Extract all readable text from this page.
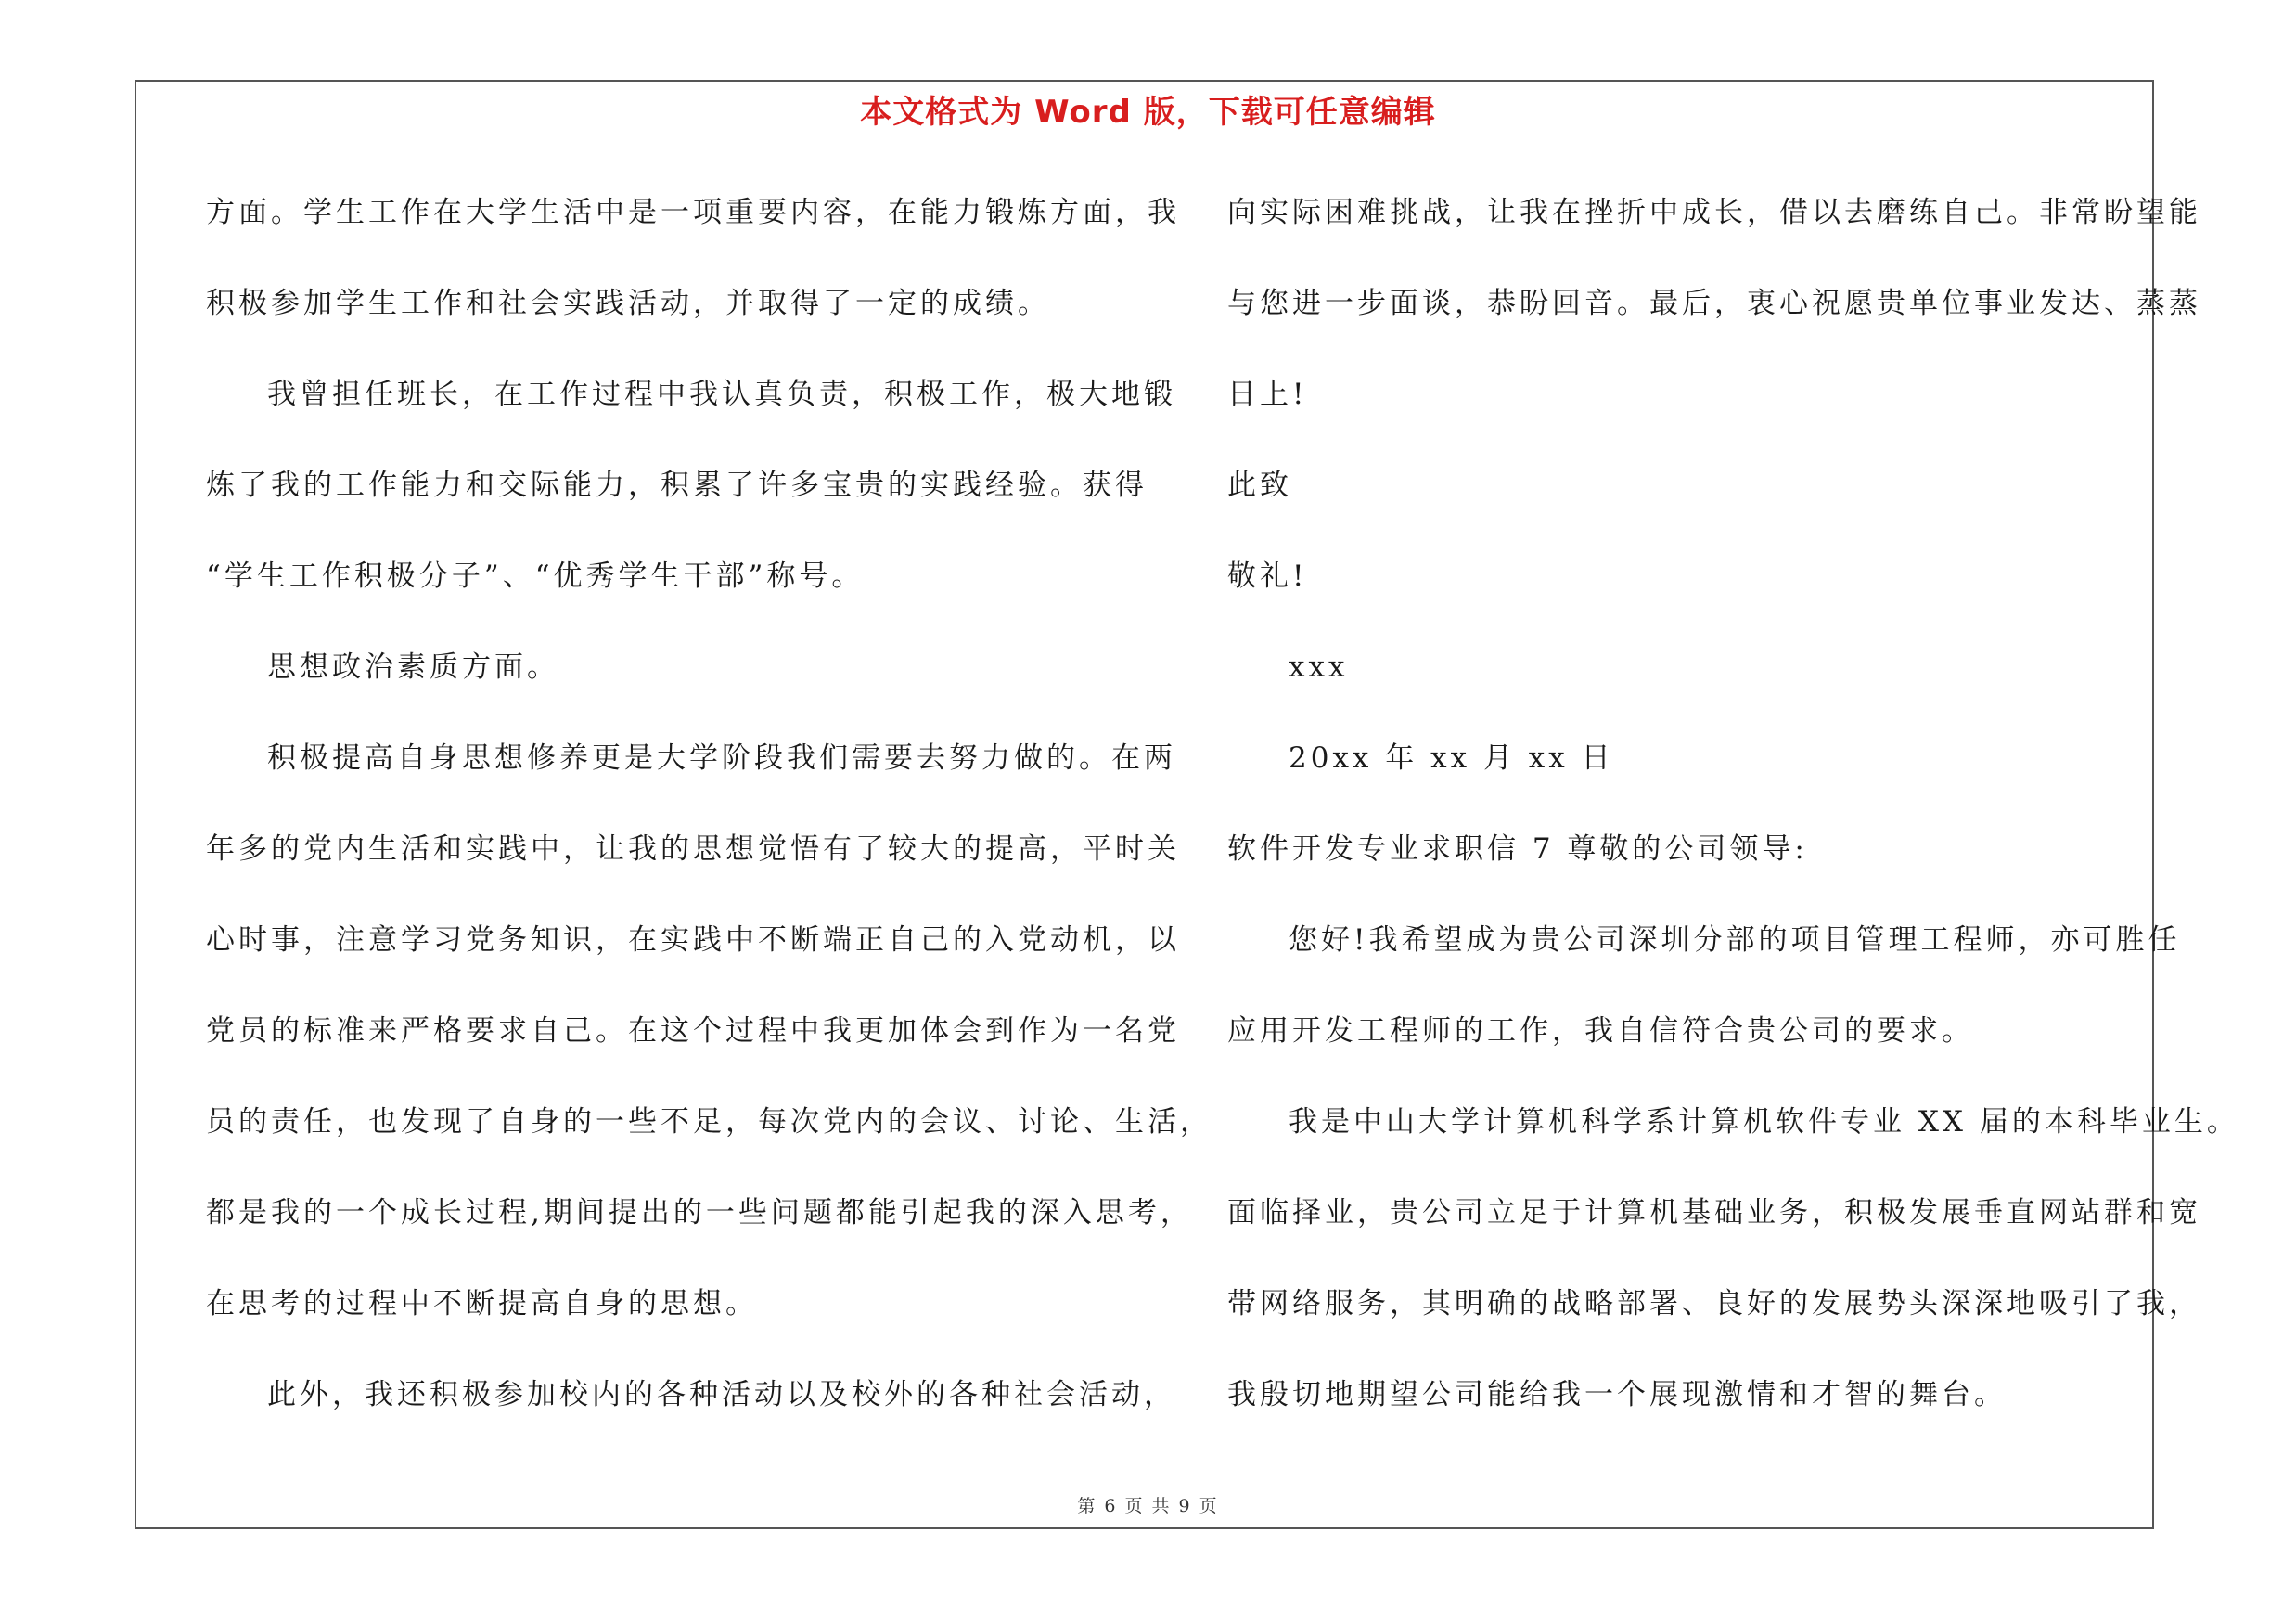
本文格式为 Word 版，下载可任意编辑
方面。学生工作在大学生活中是一项重要内容，在能力锻炼方面，我
积极参加学生工作和社会实践活动，并取得了一定的成绩。
我曾担任班长，在工作过程中我认真负责，积极工作，极大地锻
炼了我的工作能力和交际能力，积累了许多宝贵的实践经验。获得
“学生工作积极分子”、“优秀学生干部”称号。
思想政治素质方面。
积极提高自身思想修养更是大学阶段我们需要去努力做的。在两
年多的党内生活和实践中，让我的思想觉悟有了较大的提高，平时关
心时事，注意学习党务知识，在实践中不断端正自己的入党动机，以
党员的标准来严格要求自己。在这个过程中我更加体会到作为一名党
员的责任，也发现了自身的一些不足，每次党内的会议、讨论、生活，
都是我的一个成长过程,期间提出的一些问题都能引起我的深入思考，
在思考的过程中不断提高自身的思想。
此外，我还积极参加校内的各种活动以及校外的各种社会活动，
向实际困难挑战，让我在挫折中成长，借以去磨练自己。非常盼望能
与您进一步面谈，恭盼回音。最后，衷心祝愿贵单位事业发达、蒸蒸
日上!
此致
敬礼!
xxx
20xx 年 xx 月 xx 日
软件开发专业求职信 7 尊敬的公司领导:
您好!我希望成为贵公司深圳分部的项目管理工程师，亦可胜任
应用开发工程师的工作，我自信符合贵公司的要求。
我是中山大学计算机科学系计算机软件专业 XX 届的本科毕业生。
面临择业，贵公司立足于计算机基础业务，积极发展垂直网站群和宽
带网络服务，其明确的战略部署、良好的发展势头深深地吸引了我，
我殷切地期望公司能给我一个展现激情和才智的舞台。
第 6 页 共 9 页
